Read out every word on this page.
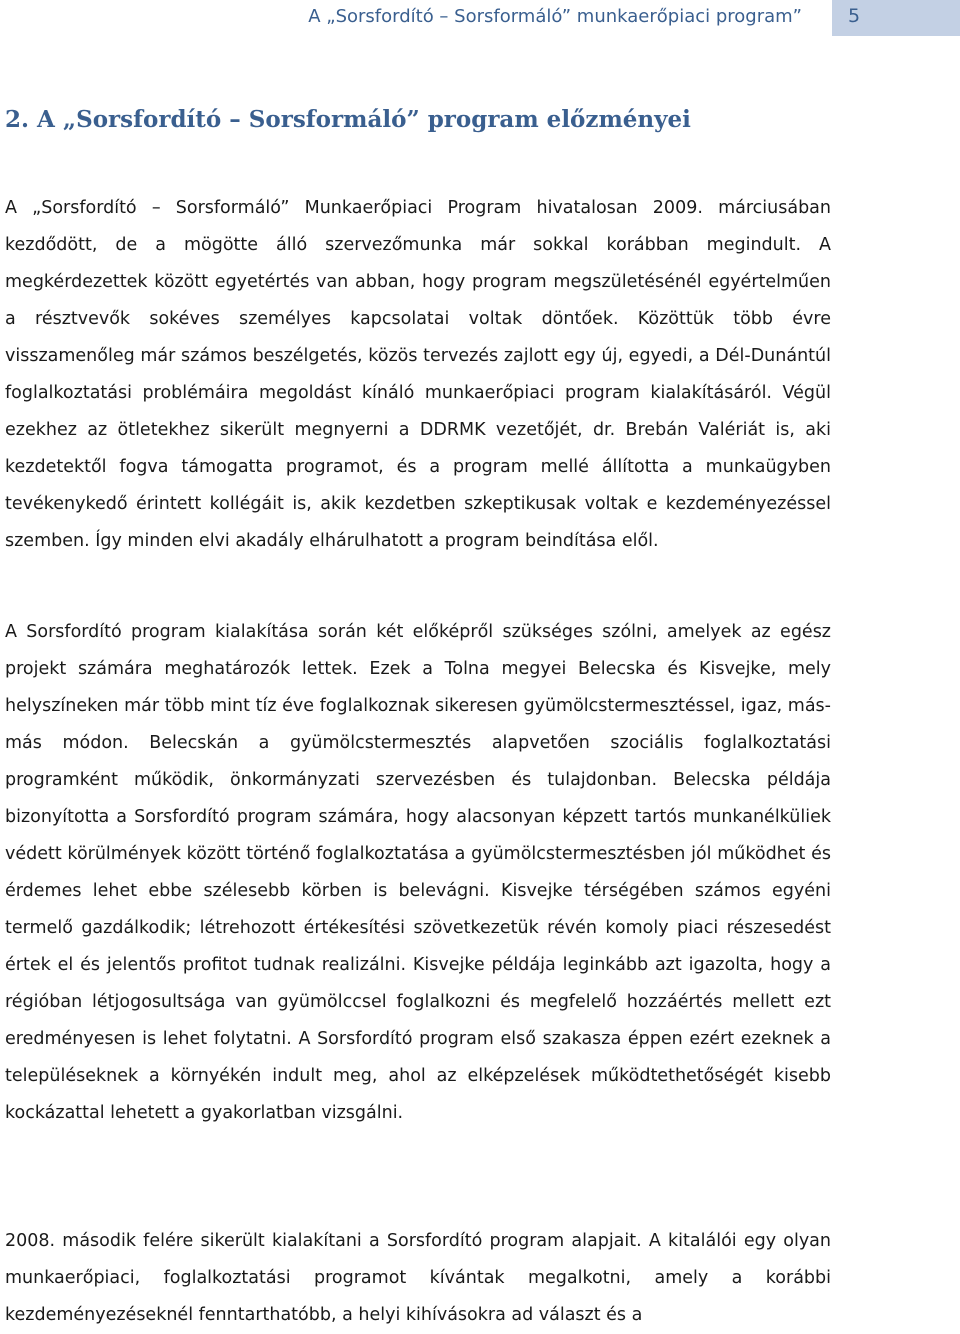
A „Sorsfordító – Sorsformáló” munkaerőpiaci program” 5
2. A „Sorsfordító – Sorsformáló” program előzményei

A „Sorsfordító – Sorsformáló” Munkaerőpiaci Program hivatalosan 2009. márciusában kezdődött, de a mögötte álló szervezőmunka már sokkal korábban megindult. A megkérdezettek között egyetértés van abban, hogy program megszületésénél egyértelműen a résztvevők sokéves személyes kapcsolatai voltak döntőek. Közöttük több évre visszamenőleg már számos beszélgetés, közös tervezés zajlott egy új, egyedi, a Dél-Dunántúl foglalkoztatási problémáira megoldást kínáló munkaerőpiaci program kialakításáról. Végül ezekhez az ötletekhez sikerült megnyerni a DDRMK vezetőjét, dr. Brebán Valériát is, aki kezdetektől fogva támogatta programot, és a program mellé állította a munkaügyben tevékenykedő érintett kollégáit is, akik kezdetben szkeptikusak voltak e kezdeményezéssel szemben. Így minden elvi akadály elhárulhatott a program beindítása elől.

A Sorsfordító program kialakítása során két előképről szükséges szólni, amelyek az egész projekt számára meghatározók lettek. Ezek a Tolna megyei Belecska és Kisvejke, mely helyszíneken már több mint tíz éve foglalkoznak sikeresen gyümölcstermesztéssel, igaz, más-más módon. Belecskán a gyümölcstermesztés alapvetően szociális foglalkoztatási programként működik, önkormányzati szervezésben és tulajdonban. Belecska példája bizonyította a Sorsfordító program számára, hogy alacsonyan képzett tartós munkanélküliek védett körülmények között történő foglalkoztatása a gyümölcstermesztésben jól működhet és érdemes lehet ebbe szélesebb körben is belevágni. Kisvejke térségében számos egyéni termelő gazdálkodik; létrehozott értékesítési szövetkezetük révén komoly piaci részesedést értek el és jelentős profitot tudnak realizálni. Kisvejke példája leginkább azt igazolta, hogy a régióban létjogosultsága van gyümölccsel foglalkozni és megfelelő hozzáértés mellett ezt eredményesen is lehet folytatni. A Sorsfordító program első szakasza éppen ezért ezeknek a településeknek a környékén indult meg, ahol az elképzelések működtethetőségét kisebb kockázattal lehetett a gyakorlatban vizsgálni.

2008. második felére sikerült kialakítani a Sorsfordító program alapjait. A kitalálói egy olyan munkaerőpiaci, foglalkoztatási programot kívántak megalkotni, amely a korábbi kezdeményezéseknél fenntarthatóbb, a helyi kihívásokra ad választ és a
